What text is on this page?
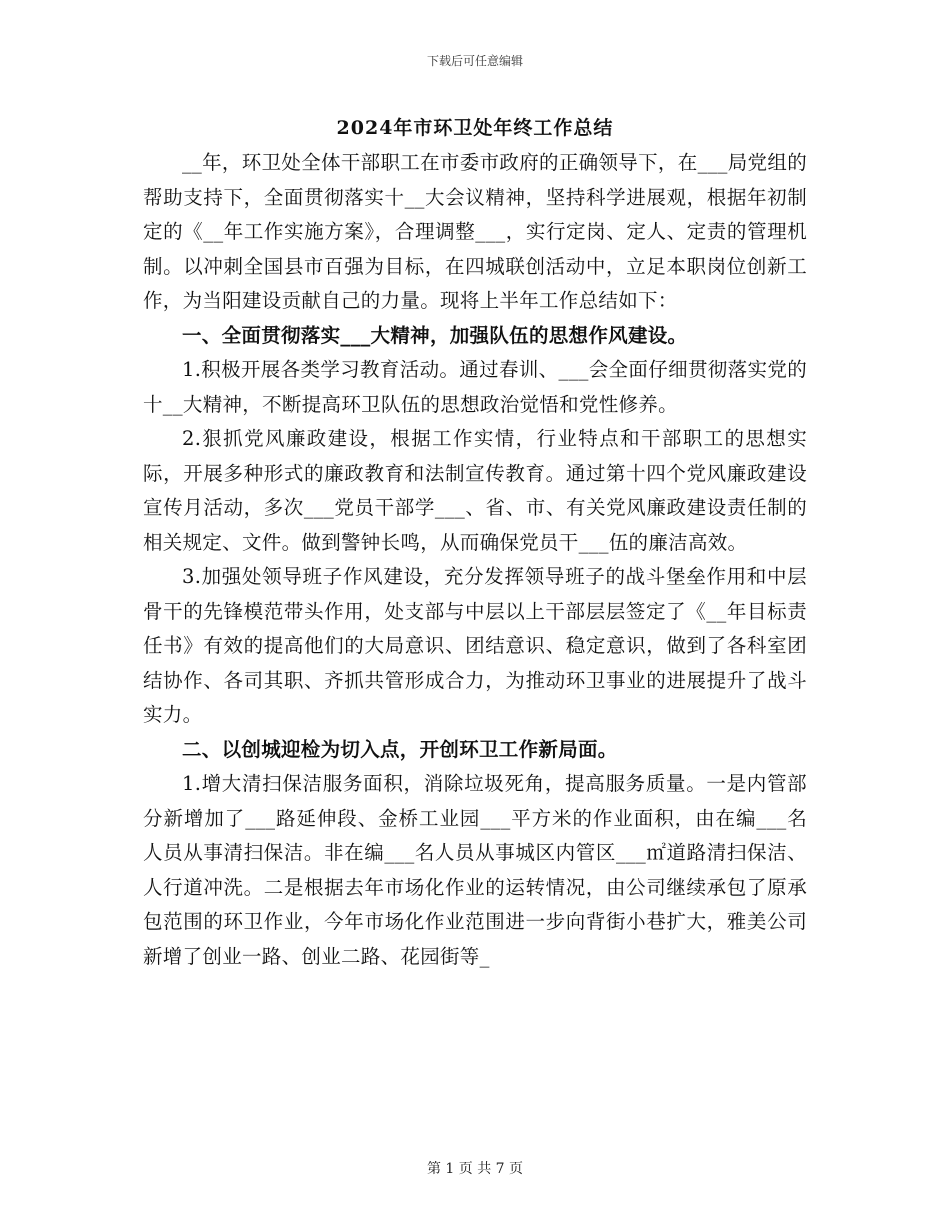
下载后可任意编辑
2024年市环卫处年终工作总结

__年，环卫处全体干部职工在市委市政府的正确领导下，在___局党组的帮助支持下，全面贯彻落实十__大会议精神，坚持科学进展观，根据年初制定的《__年工作实施方案》，合理调整___，实行定岗、定人、定责的管理机制。以冲刺全国县市百强为目标，在四城联创活动中，立足本职岗位创新工作，为当阳建设贡献自己的力量。现将上半年工作总结如下：

一、全面贯彻落实___大精神，加强队伍的思想作风建设。

1.积极开展各类学习教育活动。通过春训、___会全面仔细贯彻落实党的十__大精神，不断提高环卫队伍的思想政治觉悟和党性修养。

2.狠抓党风廉政建设，根据工作实情，行业特点和干部职工的思想实际，开展多种形式的廉政教育和法制宣传教育。通过第十四个党风廉政建设宣传月活动，多次___党员干部学___、省、市、有关党风廉政建设责任制的相关规定、文件。做到警钟长鸣，从而确保党员干___伍的廉洁高效。

3.加强处领导班子作风建设，充分发挥领导班子的战斗堡垒作用和中层骨干的先锋模范带头作用，处支部与中层以上干部层层签定了《__年目标责任书》有效的提高他们的大局意识、团结意识、稳定意识，做到了各科室团结协作、各司其职、齐抓共管形成合力，为推动环卫事业的进展提升了战斗实力。

二、以创城迎检为切入点，开创环卫工作新局面。

1.增大清扫保洁服务面积，消除垃圾死角，提高服务质量。一是内管部分新增加了___路延伸段、金桥工业园___平方米的作业面积，由在编___名人员从事清扫保洁。非在编___名人员从事城区内管区___㎡道路清扫保洁、人行道冲洗。二是根据去年市场化作业的运转情况，由公司继续承包了原承包范围的环卫作业，今年市场化作业范围进一步向背街小巷扩大，雅美公司新增了创业一路、创业二路、花园街等_

第 1 页 共 7 页
